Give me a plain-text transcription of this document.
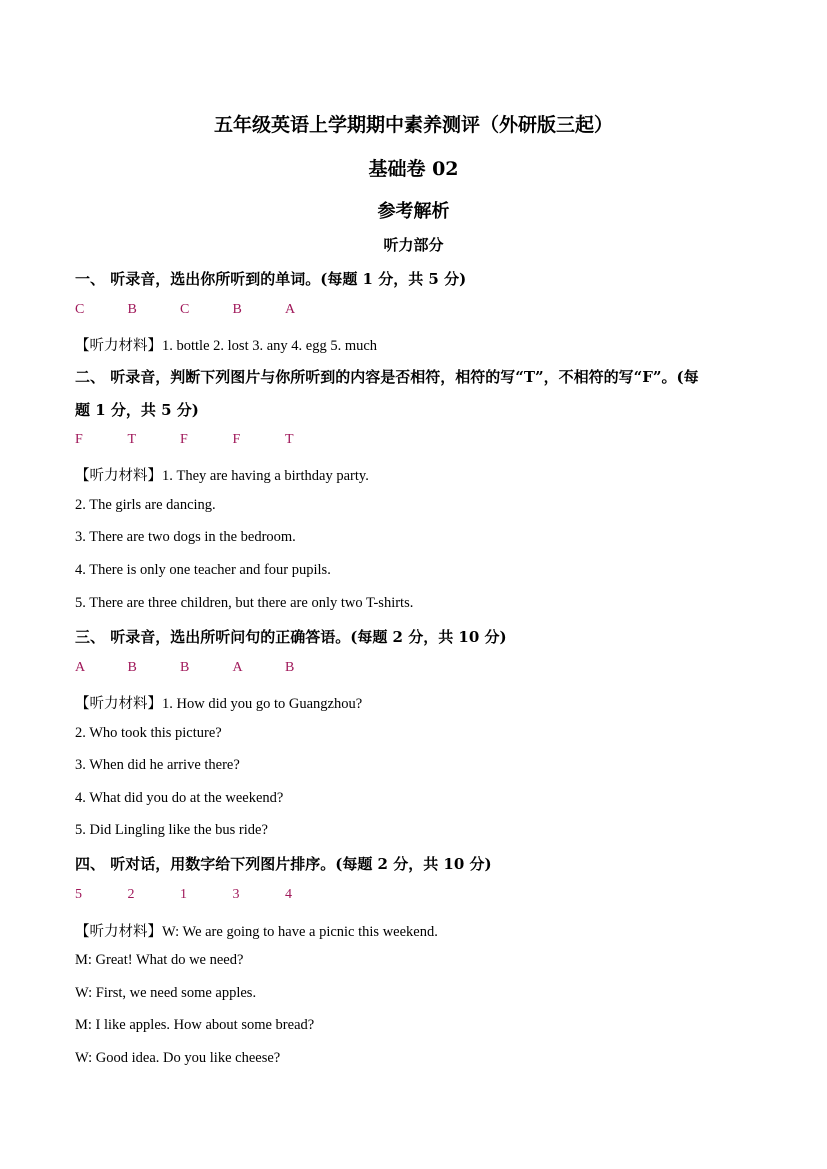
五年级英语上学期期中素养测评（外研版三起）
基础卷 02
参考解析
听力部分
一、 听录音，选出你所听到的单词。(每题 1 分，共 5 分)
C	B	C	B	A
【听力材料】1. bottle 2. lost 3. any 4. egg 5. much
二、 听录音，判断下列图片与你所听到的内容是否相符，相符的写“T”，不相符的写“F”。(每
题 1 分，共 5 分)
F	T	F	F	T
【听力材料】1. They are having a birthday party.
2. The girls are dancing.
3. There are two dogs in the bedroom.
4. There is only one teacher and four pupils.
5. There are three children, but there are only two T-shirts.
三、 听录音，选出所听问句的正确答语。(每题 2 分，共 10 分)
A	B	B	A	B
【听力材料】1. How did you go to Guangzhou?
2. Who took this picture?
3. When did he arrive there?
4. What did you do at the weekend?
5. Did Lingling like the bus ride?
四、 听对话，用数字给下列图片排序。(每题 2 分，共 10 分)
5	2	1	3	4
【听力材料】W: We are going to have a picnic this weekend.
M: Great! What do we need?
W: First, we need some apples.
M: I like apples. How about some bread?
W: Good idea. Do you like cheese?
